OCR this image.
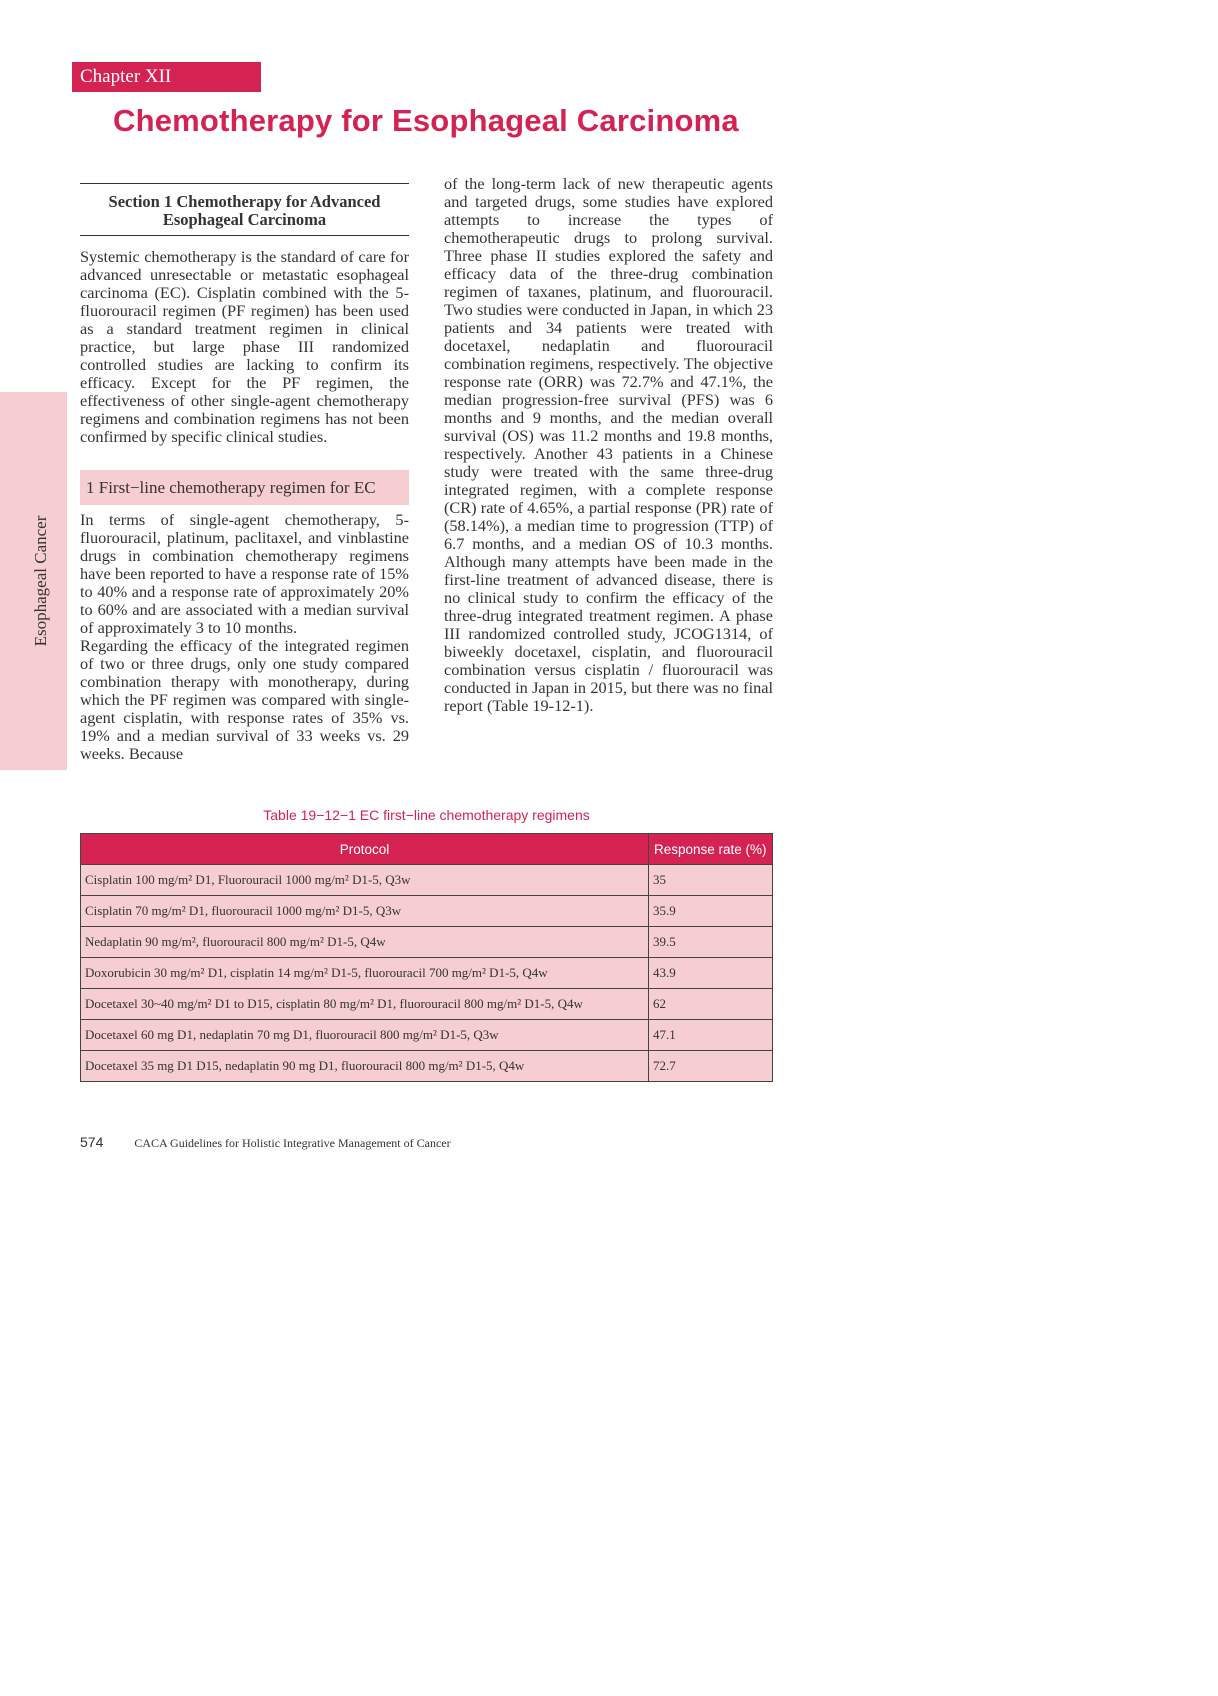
Chapter XII
Chemotherapy for Esophageal Carcinoma
Esophageal Cancer
Section 1 Chemotherapy for Advanced Esophageal Carcinoma

Systemic chemotherapy is the standard of care for advanced unresectable or metastatic esophageal carcinoma (EC). Cisplatin combined with the 5-fluorouracil regimen (PF regimen) has been used as a standard treatment regimen in clinical practice, but large phase III randomized controlled studies are lacking to confirm its efficacy. Except for the PF regimen, the effectiveness of other single-agent chemotherapy regimens and combination regimens has not been confirmed by specific clinical studies.

1 First−line chemotherapy regimen for EC

In terms of single-agent chemotherapy, 5-fluorouracil, platinum, paclitaxel, and vinblastine drugs in combination chemotherapy regimens have been reported to have a response rate of 15% to 40% and a response rate of approximately 20% to 60% and are associated with a median survival of approximately 3 to 10 months.

Regarding the efficacy of the integrated regimen of two or three drugs, only one study compared combination therapy with monotherapy, during which the PF regimen was compared with single-agent cisplatin, with response rates of 35% vs. 19% and a median survival of 33 weeks vs. 29 weeks. Because

of the long-term lack of new therapeutic agents and targeted drugs, some studies have explored attempts to increase the types of chemotherapeutic drugs to prolong survival. Three phase II studies explored the safety and efficacy data of the three-drug combination regimen of taxanes, platinum, and fluorouracil. Two studies were conducted in Japan, in which 23 patients and 34 patients were treated with docetaxel, nedaplatin and fluorouracil combination regimens, respectively. The objective response rate (ORR) was 72.7% and 47.1%, the median progression-free survival (PFS) was 6 months and 9 months, and the median overall survival (OS) was 11.2 months and 19.8 months, respectively. Another 43 patients in a Chinese study were treated with the same three-drug integrated regimen, with a complete response (CR) rate of 4.65%, a partial response (PR) rate of (58.14%), a median time to progression (TTP) of 6.7 months, and a median OS of 10.3 months. Although many attempts have been made in the first-line treatment of advanced disease, there is no clinical study to confirm the efficacy of the three-drug integrated treatment regimen. A phase III randomized controlled study, JCOG1314, of biweekly docetaxel, cisplatin, and fluorouracil combination versus cisplatin / fluorouracil was conducted in Japan in 2015, but there was no final report (Table 19-12-1).

Table 19−12−1 EC first−line chemotherapy regimens
Protocol	Response rate (%)
Cisplatin 100 mg/m² D1, Fluorouracil 1000 mg/m² D1-5, Q3w	35
Cisplatin 70 mg/m² D1, fluorouracil 1000 mg/m² D1-5, Q3w	35.9
Nedaplatin 90 mg/m², fluorouracil 800 mg/m² D1-5, Q4w	39.5
Doxorubicin 30 mg/m² D1, cisplatin 14 mg/m² D1-5, fluorouracil 700 mg/m² D1-5, Q4w	43.9
Docetaxel 30~40 mg/m² D1 to D15, cisplatin 80 mg/m² D1, fluorouracil 800 mg/m² D1-5, Q4w	62
Docetaxel 60 mg D1, nedaplatin 70 mg D1, fluorouracil 800 mg/m² D1-5, Q3w	47.1
Docetaxel 35 mg D1 D15, nedaplatin 90 mg D1, fluorouracil 800 mg/m² D1-5, Q4w	72.7
574	CACA Guidelines for Holistic Integrative Management of Cancer
